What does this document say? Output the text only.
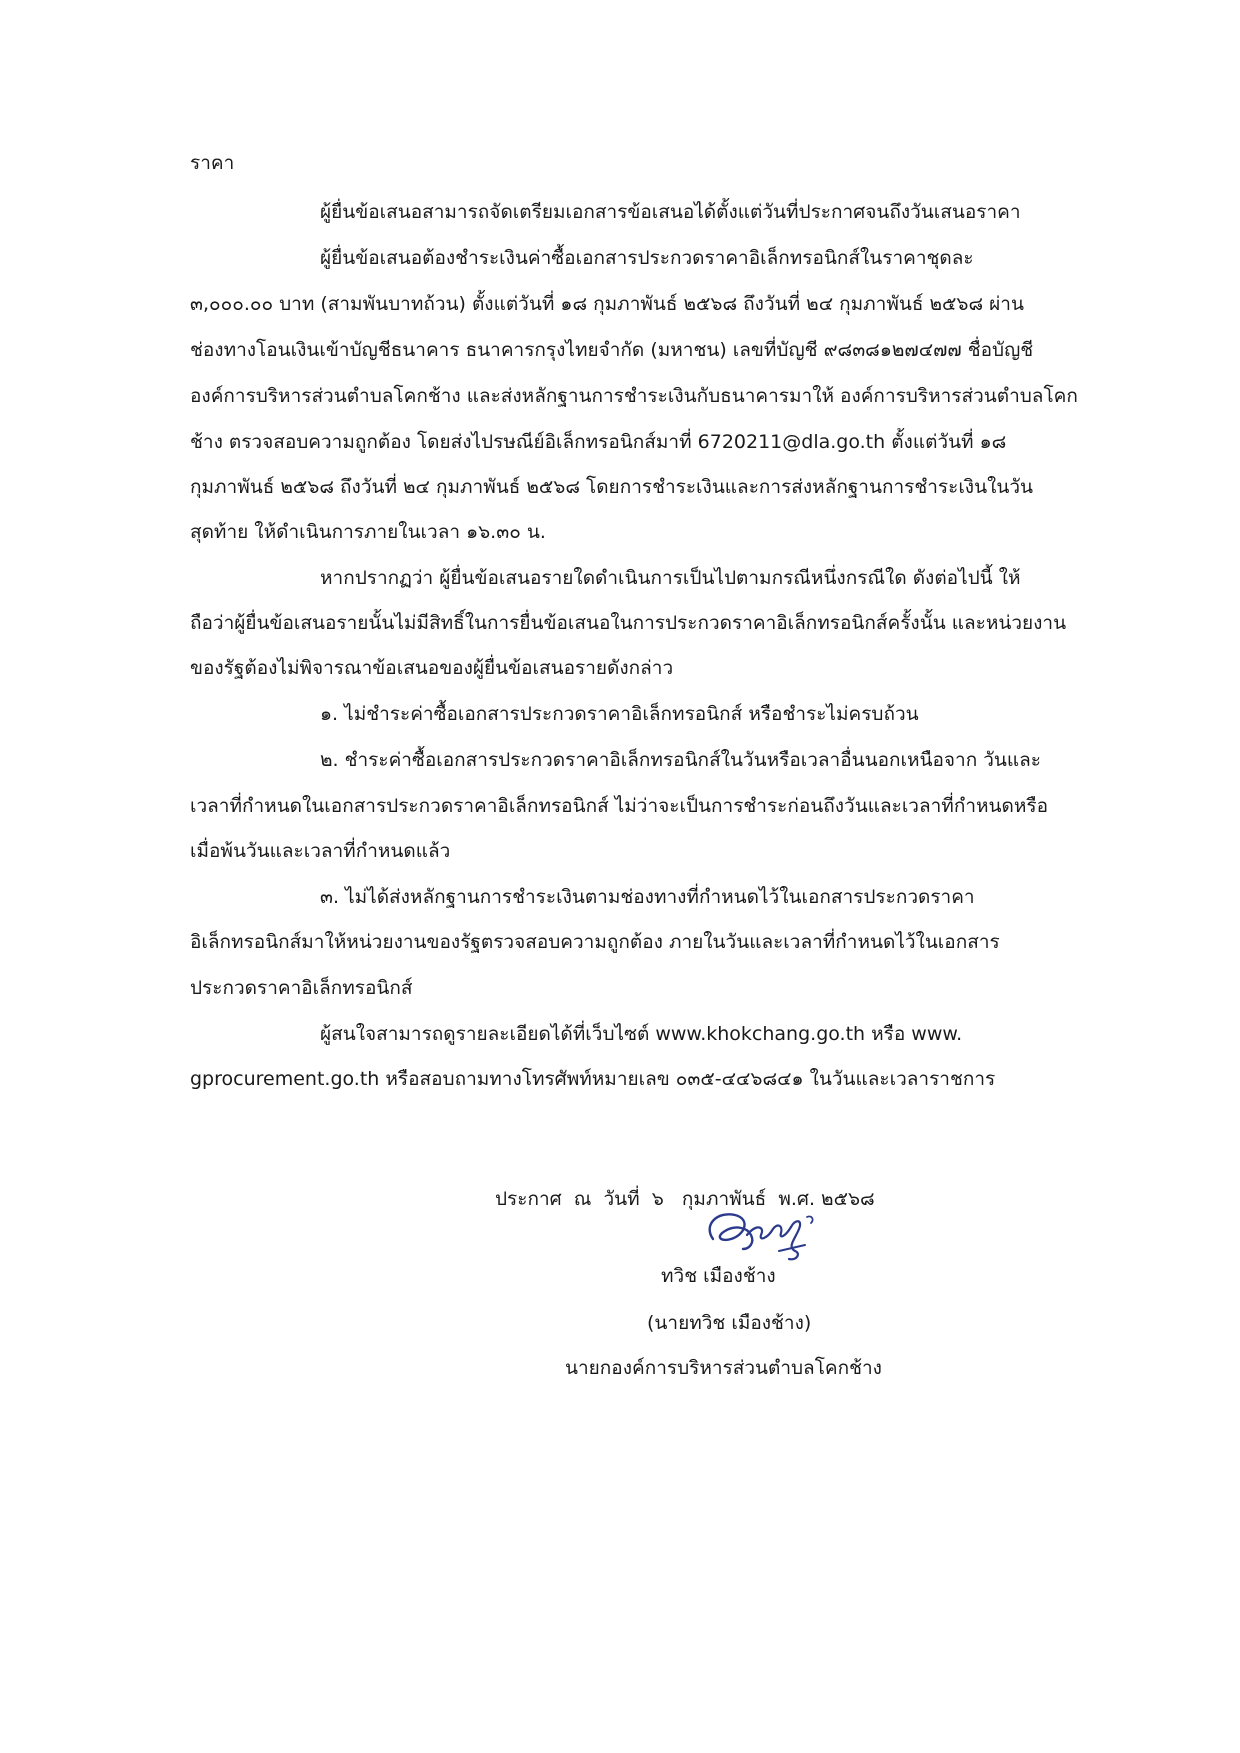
ราคา
ผู้ยื่นข้อเสนอสามารถจัดเตรียมเอกสารข้อเสนอได้ตั้งแต่วันที่ประกาศจนถึงวันเสนอราคา
ผู้ยื่นข้อเสนอต้องชำระเงินค่าซื้อเอกสารประกวดราคาอิเล็กทรอนิกส์ในราคาชุดละ
๓,๐๐๐.๐๐ บาท (สามพันบาทถ้วน) ตั้งแต่วันที่ ๑๘ กุมภาพันธ์ ๒๕๖๘ ถึงวันที่ ๒๔ กุมภาพันธ์ ๒๕๖๘ ผ่าน
ช่องทางโอนเงินเข้าบัญชีธนาคาร ธนาคารกรุงไทยจำกัด (มหาชน) เลขที่บัญชี ๙๘๓๘๑๒๗๔๗๗ ชื่อบัญชี
องค์การบริหารส่วนตำบลโคกช้าง และส่งหลักฐานการชำระเงินกับธนาคารมาให้ องค์การบริหารส่วนตำบลโคก
ช้าง ตรวจสอบความถูกต้อง โดยส่งไปรษณีย์อิเล็กทรอนิกส์มาที่ 6720211@dla.go.th ตั้งแต่วันที่ ๑๘
กุมภาพันธ์ ๒๕๖๘ ถึงวันที่ ๒๔ กุมภาพันธ์ ๒๕๖๘ โดยการชำระเงินและการส่งหลักฐานการชำระเงินในวัน
สุดท้าย ให้ดำเนินการภายในเวลา ๑๖.๓๐ น.
หากปรากฏว่า ผู้ยื่นข้อเสนอรายใดดำเนินการเป็นไปตามกรณีหนึ่งกรณีใด ดังต่อไปนี้ ให้
ถือว่าผู้ยื่นข้อเสนอรายนั้นไม่มีสิทธิ์ในการยื่นข้อเสนอในการประกวดราคาอิเล็กทรอนิกส์ครั้งนั้น และหน่วยงาน
ของรัฐต้องไม่พิจารณาข้อเสนอของผู้ยื่นข้อเสนอรายดังกล่าว
๑. ไม่ชำระค่าซื้อเอกสารประกวดราคาอิเล็กทรอนิกส์ หรือชำระไม่ครบถ้วน
๒. ชำระค่าซื้อเอกสารประกวดราคาอิเล็กทรอนิกส์ในวันหรือเวลาอื่นนอกเหนือจาก วันและ
เวลาที่กำหนดในเอกสารประกวดราคาอิเล็กทรอนิกส์ ไม่ว่าจะเป็นการชำระก่อนถึงวันและเวลาที่กำหนดหรือ
เมื่อพ้นวันและเวลาที่กำหนดแล้ว
๓. ไม่ได้ส่งหลักฐานการชำระเงินตามช่องทางที่กำหนดไว้ในเอกสารประกวดราคา
อิเล็กทรอนิกส์มาให้หน่วยงานของรัฐตรวจสอบความถูกต้อง ภายในวันและเวลาที่กำหนดไว้ในเอกสาร
ประกวดราคาอิเล็กทรอนิกส์
ผู้สนใจสามารถดูรายละเอียดได้ที่เว็บไซต์ www.khokchang.go.th หรือ www.
gprocurement.go.th หรือสอบถามทางโทรศัพท์หมายเลข ๐๓๕-๔๔๖๘๔๑ ในวันและเวลาราชการ
ประกาศ  ณ  วันที่  ๖   กุมภาพันธ์  พ.ศ. ๒๕๖๘
ทวิช เมืองช้าง
(นายทวิช เมืองช้าง)
นายกองค์การบริหารส่วนตำบลโคกช้าง
